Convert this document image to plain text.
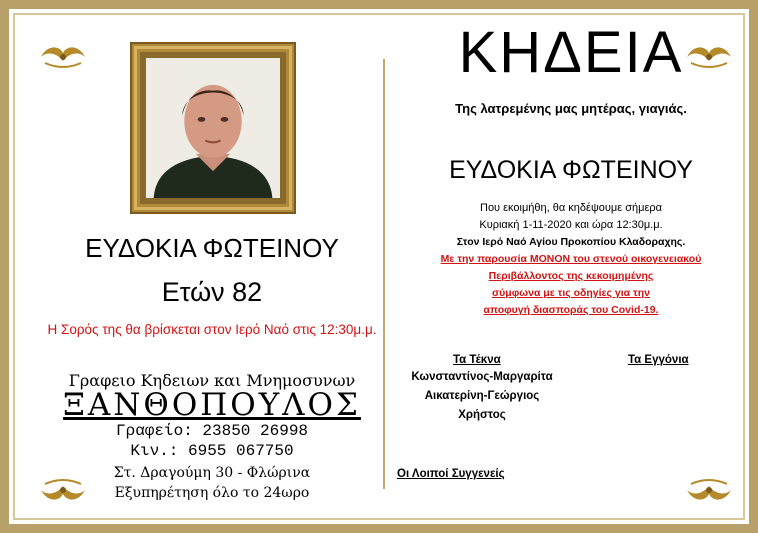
ΕΥΔΟΚΙΑ ΦΩΤΕΙΝΟΥ
Ετών 82
Η Σορός της θα βρίσκεται στον Ιερό Ναό στις 12:30μ.μ.
Γραφειο Κηδειων και Μνημοσυνων
ΞΑΝΘΟΠΟΥΛΟΣ
Γραφείο: 23850 26998
Κιν.: 6955 067750
Στ. Δραγούμη 30 - Φλώρινα
Εξυπηρέτηση όλο το 24ωρο
ΚΗΔΕΙΑ
Της λατρεμένης μας μητέρας, γιαγιάς.
ΕΥΔΟΚΙΑ ΦΩΤΕΙΝΟΥ
Που εκοιμήθη, θα κηδέψουμε σήμερα
Κυριακή 1-11-2020 και ώρα 12:30μ.μ.
Στον Ιερό Ναό Αγίου Προκοπίου Κλαδοραχης.
Με την παρουσία ΜΟΝΟΝ του στενού οικογενειακού
Περιβάλλοντος της κεκοιμημένης
σύμφωνα με τις οδηγίες για την
αποφυγή διασποράς του Covid-19.
Τα Τέκνα	Τα Εγγόνια
Κωνσταντίνος-Μαργαρίτα
Αικατερίνη-Γεώργιος
Χρήστος
Οι Λοιποί Συγγενείς
